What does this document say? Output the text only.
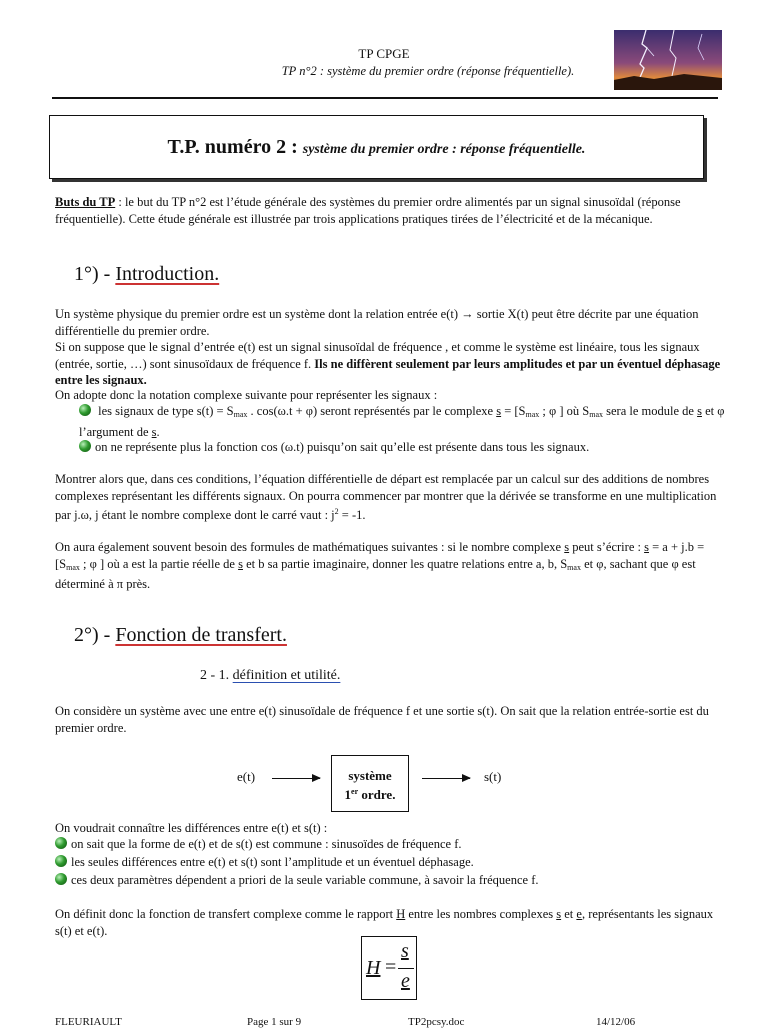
TP CPGE
TP n°2 : système du premier ordre (réponse fréquentielle).
T.P. numéro 2 : système du premier ordre : réponse fréquentielle.

Buts du TP : le but du TP n°2 est l’étude générale des systèmes du premier ordre alimentés par un signal sinusoïdal (réponse fréquentielle). Cette étude générale est illustrée par trois applications pratiques tirées de l’électricité et de la mécanique.

1°) - Introduction.

Un système physique du premier ordre est un système dont la relation entrée e(t) → sortie X(t) peut être décrite par une équation différentielle du premier ordre.

Si on suppose que le signal d’entrée e(t) est un signal sinusoïdal de fréquence , et comme le système est linéaire, tous les signaux (entrée, sortie, …) sont sinusoïdaux de fréquence f. Ils ne diffèrent seulement par leurs amplitudes et par un éventuel déphasage entre les signaux.

On adopte donc la notation complexe suivante pour représenter les signaux :

les signaux de type $s(t) = S_{max}$ . cos(ω.t + φ) seront représentés par le complexe $s = [S_{max}$ ; φ ] où $S_{max}$ sera le module de s et φ l’argument de s.

on ne représente plus la fonction cos (ω.t) puisqu’on sait qu’elle est présente dans tous les signaux.

Montrer alors que, dans ces conditions, l’équation différentielle de départ est remplacée par un calcul sur des additions de nombres complexes représentant les différents signaux. On pourra commencer par montrer que la dérivée se transforme en une multiplication par j.ω, j étant le nombre complexe dont le carré vaut : $j^2 = -1$.

On aura également souvent besoin des formules de mathématiques suivantes : si le nombre complexe s peut s’écrire : $s = a + j.b = [S_{max}$ ; φ ] où a est la partie réelle de s et b sa partie imaginaire, donner les quatre relations entre a, b, $S_{max}$ et φ, sachant que φ est déterminé à π près.

2°) - Fonction de transfert.
2 - 1. définition et utilité.

On considère un système avec une entre e(t) sinusoïdale de fréquence f et une sortie s(t). On sait que la relation entrée-sortie est du premier ordre.

e(t)	système
1er ordre.
s(t)

On voudrait connaître les différences entre e(t) et s(t) :

on sait que la forme de e(t) et de s(t) est commune : sinusoïdes de fréquence f.

les seules différences entre e(t) et s(t) sont l’amplitude et un éventuel déphasage.

ces deux paramètres dépendent a priori de la seule variable commune, à savoir la fréquence f.

On définit donc la fonction de transfert complexe comme le rapport H entre les nombres complexes s et e, représentants les signaux s(t) et e(t).

H =
s
e
FLEURIAULT	Page 1 sur 9	TP2pcsy.doc	14/12/06
